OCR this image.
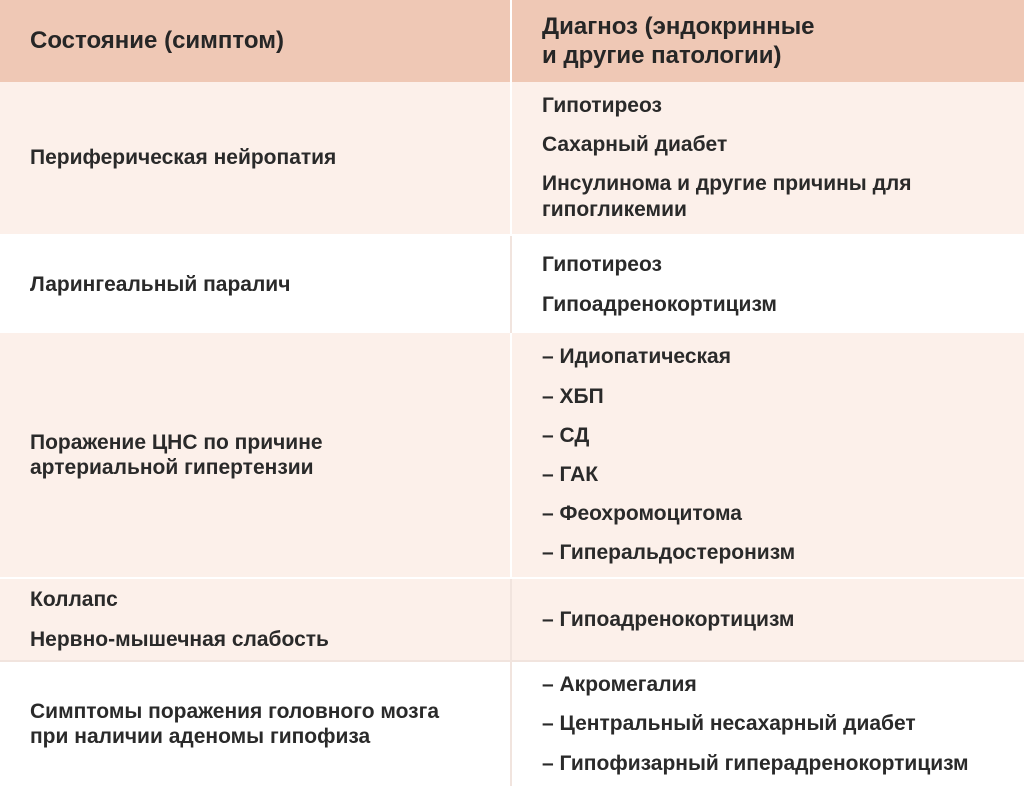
Состояние (симптом)	Диагноз (эндокринные
и другие патологии)
Периферическая нейропатия
Гипотиреоз
Сахарный диабет
Инсулинома и другие причины для гипогликемии
Ларингеальный паралич
Гипотиреоз
Гипоадренокортицизм
Поражение ЦНС по причине
артериальной гипертензии
– Идиопатическая
– ХБП
– СД
– ГАК
– Феохромоцитома
– Гиперальдостеронизм
Коллапс
Нервно-мышечная слабость
– Гипоадренокортицизм
Симптомы поражения головного мозга
при наличии аденомы гипофиза
– Акромегалия
– Центральный несахарный диабет
– Гипофизарный гиперадренокортицизм
